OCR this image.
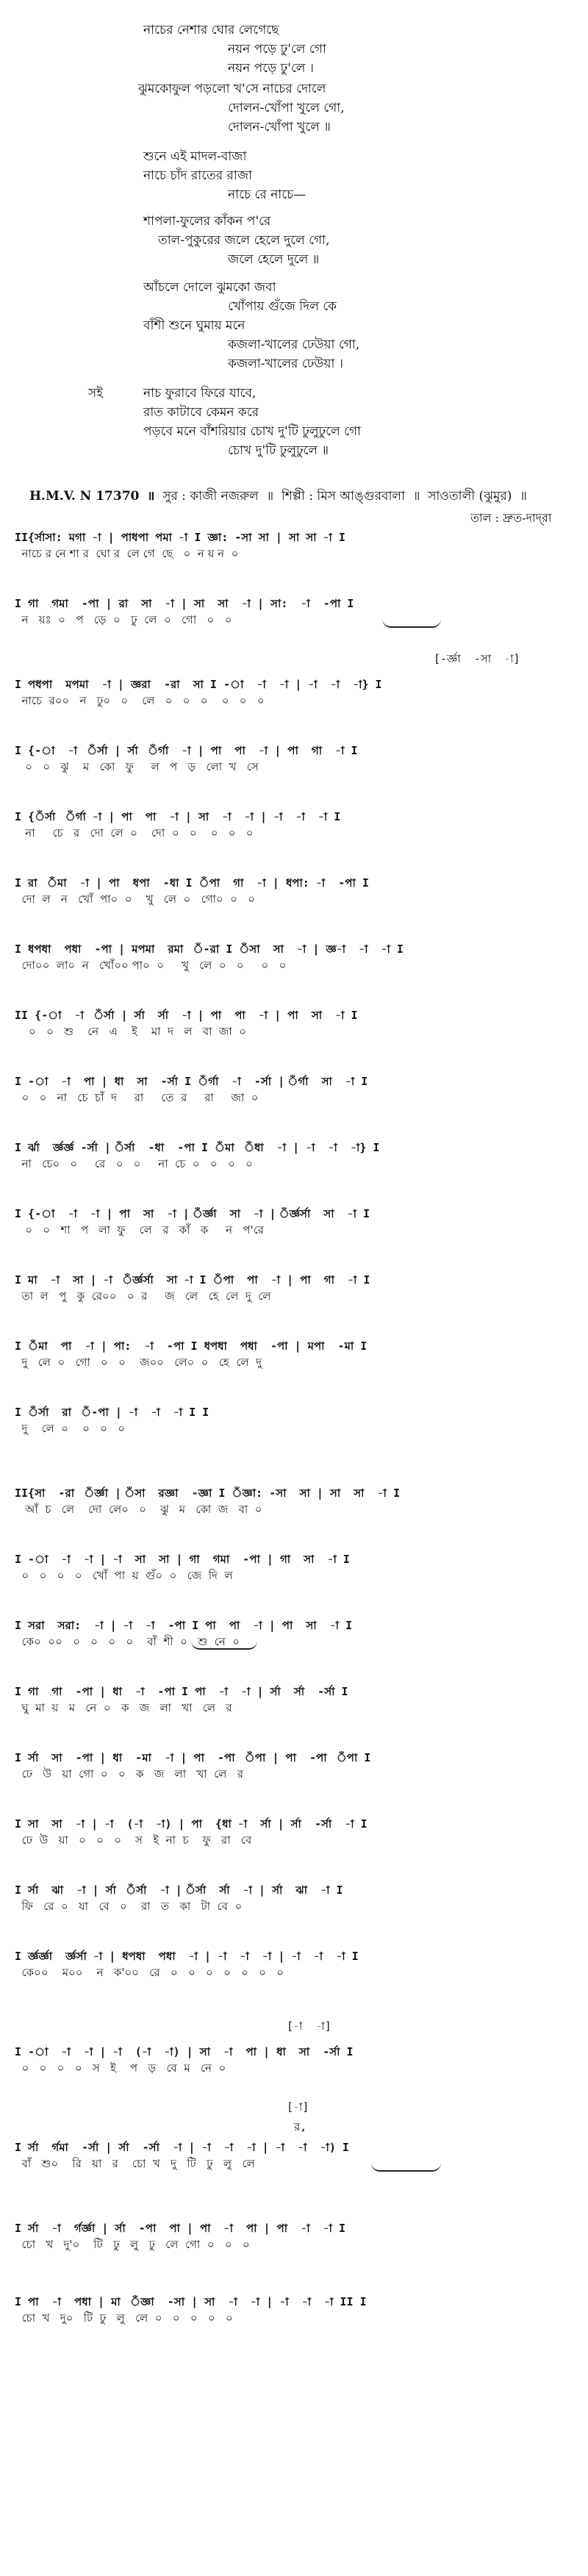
নাচের নেশার ঘোর লেগেছে
নয়ন পড়ে ঢু'লে গো
নয়ন পড়ে ঢু'লে ।
ঝুমকোফুল পড়লো খ'সে নাচের দোলে
দোলন-খোঁপা খুলে গো,
দোলন-খোঁপা খুলে ॥
শুনে এই মাদল-বাজা
নাচে চাঁদ রাতের রাজা
নাচে রে নাচে—
শাপলা-ফুলের কাঁকন প'রে
তাল-পুকুরের জলে হেলে দুলে গো,
জলে হেলে দুলে ॥
আঁচলে দোলে ঝুমকো জবা
খোঁপায় গুঁজে দিল কে
বাঁশী শুনে ঘুমায় মনে
কজলা-খালের ঢেউয়া গো,
কজলা-খালের ঢেউয়া ।
সই	নাচ ফুরাবে ফিরে যাবে,
রাত কাটাবে কেমন করে
পড়বে মনে বাঁশরিয়ার চোখ দু'টি ঢুলুঢুলে গো
চোখ দু'টি ঢুলুঢুলে ॥
H.M.V. N 17370 ॥ সুর : কাজী নজরুল  ॥  শিল্পী : মিস আঙ্গুরবালা  ॥  সাওতালী (ঝুমুর)  ॥
তাল : দ্রুত-দাদ্‌রা
II{র্সাসা: মগা -া | পাধপা পমা -া I জ্ঞা: -সা সা | সা সা -া I
নাচে র নে শা র  ঘো র  লে গে  ছে   ০  ন য় ন  ০
I গা  গমা  -পা | রা  সা  -া | সা  সা  -া | সা:  -া  -পা I
ন   য়ঃ  ০   প   ড়ে  ০   ঢু  লে  ০   গো   ০   ০
I পধপা  মপমা  -া | জ্ঞরা  -রা  সা I -া  -া  -া | -া  -া  -া} I
নাচে  র০০   ন   ঢু০   ০    লে   ০   ০   ০    ০   ০   ০
I {-া  -া  ঁর্সা | র্সা  ঁর্গা  -া | পা  পা  -া | পা  গা  -া I
০   ০   ঝু    ম   কো   ফু     ল   প   ড়   লো  খ   সে
I {ঁর্সা  ঁর্গা -া | পা  পা  -া | সা  -া  -া | -া  -া  -া I
না     চে   র   দো  লে  ০    দো  ০   ০    ০   ০   ০
I রা  ঁমা  -া | পা  ধপা  -ধা I ঁপা  গা  -া | ধপা: -া  -পা I
দো  ল   ন   খোঁ  পা০  ০    খু   লে  ০   গো০  ০   ০
I ধপধা  পধা  -পা | মপমা  রমা  ঁ-রা I ঁসা  সা  -া | জ্ঞ-া  -া  -া I
দো০০  লা০  ন   খোঁ০০ পা০  ০     খু   লে  ০   ০     ০   ০
II {-া  -া  ঁর্সা | র্সা  র্সা  -া | পা  পা  -া | পা  সা  -া I
০   ০   শু    নে   এ    ই    মা  দ   ল   বা  জা  ০
I -া  -া  পা | ধা  সা  -র্সা I ঁর্গা  -া  -র্সা | ঁর্গা  সা  -া I
০   ০   না   চে  চাঁ  দ     রা     তে  র     রা     জা  ০
I র্ঝা  র্জ্ঞর্জ্ঞ -র্সা | ঁর্সা  -ধা  -পা I ঁমা  ঁধা  -া | -া  -া  -া} I
না   চে০   ০     রে   ০   ০     না  চে  ০   ০   ০   ০
I {-া  -া  -া | পা  সা  -া | ঁর্জ্ঞা  সা  -া | ঁর্জ্ঞর্সা  সা  -া I
০   ০   শা   প   লা  ফু    লে   র   কাঁ   ক     ন   প'রে
I মা  -া  সা | -া  ঁর্জ্ঞর্সা  সা -া I ঁপা  পা  -া | পা  গা  -া I
তা  ল   পু   কু  রে০০   ০  র     জ   লে   হে  লে  দু  লে
I ঁমা  পা  -া | পা:  -া  -পা I ধপধা  পধা  -পা | মপা  -মা I
দু   লে  ০   গো   ০   ০    জ০০   লে০  ০   হে  লে  দু
I ঁর্সা  রা  ঁ-পা | -া  -া  -া I I
দু    লে  ০    ০   ০   ০
II{সা  -রা  ঁর্জ্ঞা | ঁসা  রজ্ঞা  -জ্ঞা I ঁজ্ঞা: -সা  সা | সা  সা  -া I
আঁ  চ   লে    দো  লে০   ০    ঝু   ম   কো  জ   বা  ০
I -া  -া  -া | -া  সা  সা | গা  গমা  -পা | গা  সা  -া I
০   ০   ০   ০   খোঁ  পা  য়  গুঁ০  ০   জে  দি  ল
I সরা  সরা:  -া | -া  -া  -পা I পা  পা  -া | পা  সা  -া I
কে০  ০০   ০   ০   ০   ০    বাঁ  শী  ০   শু  নে  ০
I গা  গা  -পা | ধা  -া  -পা I পা  -া  -া | র্সা  র্সা  -র্সা I
ঘু  মা  য়   ম   নে  ০   ক   জ   লা   খা   লে   র
I র্সা  সা  -পা | ধা  -মা  -া | পা  -পা  ঁপা | পা  -পা  ঁপা I
ঢে   উ   য়া  গো  ০   ০   ক   জ   লা   খা  লে   র
I সা  সা  -া | -া  (-া  -া) | পা  {ধা -া  র্সা | র্সা  -র্সা  -া I
ঢে  উ   য়া   ০   ০   ০    স   ই  না  চ    ফু   রা   বে
I র্সা  ঝা  -া | র্সা  ঁর্সা  -া | ঁর্সা  র্সা  -া | র্সা  ঝা  -া I
ফি   রে  ০   যা   বে   ০    রা   ত   কা   টা  বে  ০
I র্জ্ঞর্জ্ঞা  র্জ্ঞর্সা -া | ধপধা  পধা  -া | -া  -া  -া | -া  -া  -া I
কে০০    ম০০    ন   ক'০০   রে   ০   ০   ০   ০   ০   ০   ০
I -া  -া  -া | -া  (-া  -া) | সা  -া  পা | ধা  সা  -র্সা I
০   ০   ০   ০   স   ই    প   ড়   বে  ম   নে  ০
I র্সা  র্গমা  -র্সা | র্সা  -র্সা  -া | -া  -া  -া | -া  -া  -া) I
বাঁ   শু০    রি   য়া   র    চো  খ   দু   টি   ঢু   লু   লে
I র্সা  -া  র্গর্জ্ঞা | র্সা  -পা  পা | পা  -া  পা | পা  -া  -া I
চো   খ   দু'০    টি   ঢু   লু   ঢু   লে  গো  ০   ০   ০
I পা  -া  পধা | মা  ঁজ্ঞা  -সা | সা  -া  -া | -া  -া  -া II I
চো  খ   দু০   টি  ঢু   লু   লে  ০   ০   ০   ০   ০
[-র্জ্ঞা  -সা  -া]
[-া  -া]
[-া]
র,
